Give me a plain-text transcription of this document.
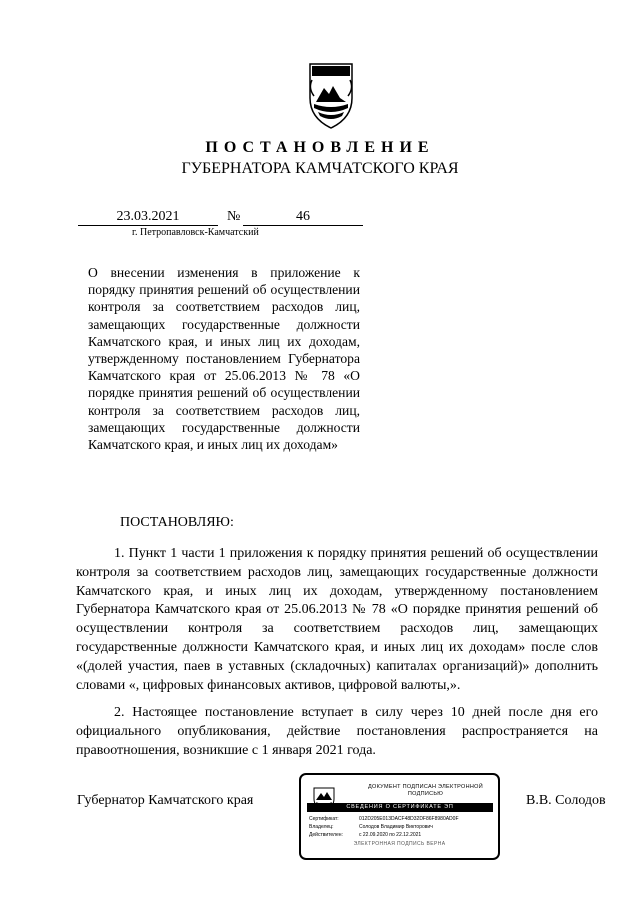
ПОСТАНОВЛЕНИЕ
ГУБЕРНАТОРА КАМЧАТСКОГО КРАЯ
23.03.2021	№	46
г. Петропавловск-Камчатский
О внесении изменения в приложение к порядку принятия решений об осуществлении контроля за соответствием расходов лиц, замещающих государственные должности Камчатского края, и иных лиц их доходам, утвержденному постановлением Губернатора Камчатского края от 25.06.2013 № 78 «О порядке принятия решений об осуществлении контроля за соответствием расходов лиц, замещающих государственные должности Камчатского края, и иных лиц их доходам»
ПОСТАНОВЛЯЮ:

1. Пункт 1 части 1 приложения к порядку принятия решений об осуществлении контроля за соответствием расходов лиц, замещающих государственные должности Камчатского края, и иных лиц их доходам, утвержденному постановлением Губернатора Камчатского края от 25.06.2013 № 78 «О порядке принятия решений об осуществлении контроля за соответствием расходов лиц, замещающих государственные должности Камчатского края, и иных лиц их доходам» после слов «(долей участия, паев в уставных (складочных) капиталах организаций)» дополнить словами «, цифровых финансовых активов, цифровой валюты,».

2. Настоящее постановление вступает в силу через 10 дней после дня его официального опубликования, действие постановления распространяется на правоотношения, возникшие с 1 января 2021 года.

Губернатор Камчатского края	В.В. Солодов
ДОКУМЕНТ ПОДПИСАН ЭЛЕКТРОННОЙ ПОДПИСЬЮ
СВЕДЕНИЯ О СЕРТИФИКАТЕ ЭП
Сертификат:	012D205E013DACF48D32DF86F8980AD0F
Владелец:	Солодов Владимир Викторович
Действителен:	с 22.09.2020 по 22.12.2021
ЭЛЕКТРОННАЯ ПОДПИСЬ ВЕРНА
